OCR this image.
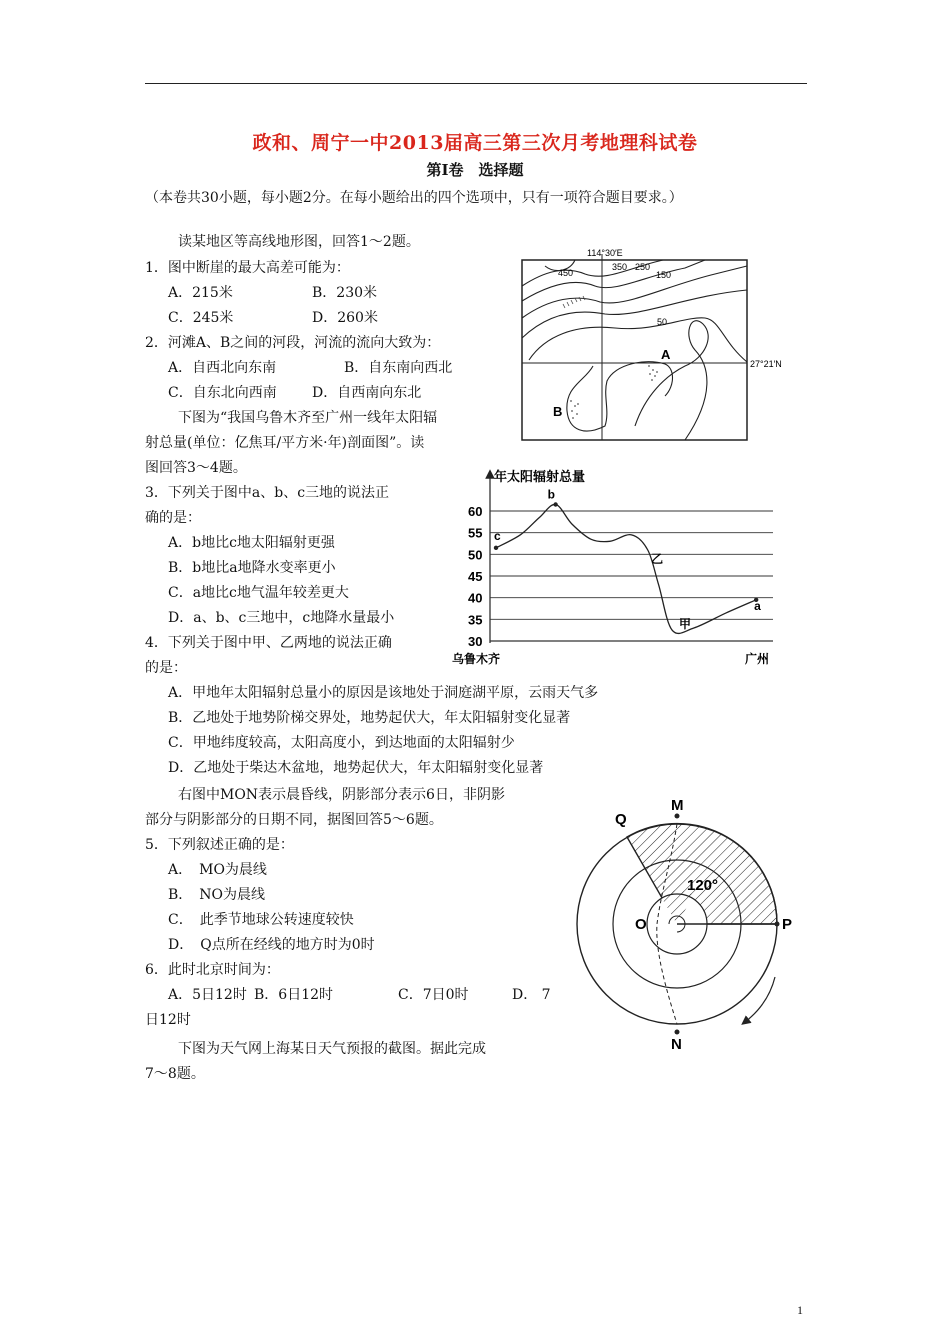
政和、周宁一中2013届高三第三次月考地理科试卷
第Ⅰ卷　选择题
（本卷共30小题，每小题2分。在每小题给出的四个选项中，只有一项符合题目要求。）
读某地区等高线地形图，回答1～2题。
1．图中断崖的最大高差可能为：
A．215米	B．230米
C．245米	D．260米
2．河滩A、B之间的河段，河流的流向大致为：
A．自西北向东南	B．自东南向西北
C．自东北向西南	D．自西南向东北
114°30′E
27°21′N
450
350 250
150
50
A
B
下图为“我国乌鲁木齐至广州一线年太阳辐
射总量(单位：亿焦耳/平方米·年)剖面图”。读
图回答3～4题。
3．下列关于图中a、b、c三地的说法正
确的是：
A．b地比c地太阳辐射更强
B．b地比a地降水变率更小
C．a地比c地气温年较差更大
D．a、b、c三地中，c地降水量最小
4．下列关于图中甲、乙两地的说法正确
的是：
A．甲地年太阳辐射总量小的原因是该地处于洞庭湖平原，云雨天气多
B．乙地处于地势阶梯交界处，地势起伏大，年太阳辐射变化显著
C．甲地纬度较高，太阳高度小，到达地面的太阳辐射少
D．乙地处于柴达木盆地，地势起伏大，年太阳辐射变化显著
年太阳辐射总量
30
35
40
45
50
55
60
c
b
乙
甲
a
乌鲁木齐	广州
右图中MON表示晨昏线，阴影部分表示6日，非阴影
部分与阴影部分的日期不同，据图回答5～6题。
5．下列叙述正确的是：
A．　MO为晨线
B．　NO为晨线
C．　此季节地球公转速度较快
D．　Q点所在经线的地方时为0时
6．此时北京时间为：
A．5日12时 B．6日12时	C．7日0时	D． 7
日12时
M
Q
O	P
N
120°
下图为天气网上海某日天气预报的截图。据此完成
7～8题。
1
